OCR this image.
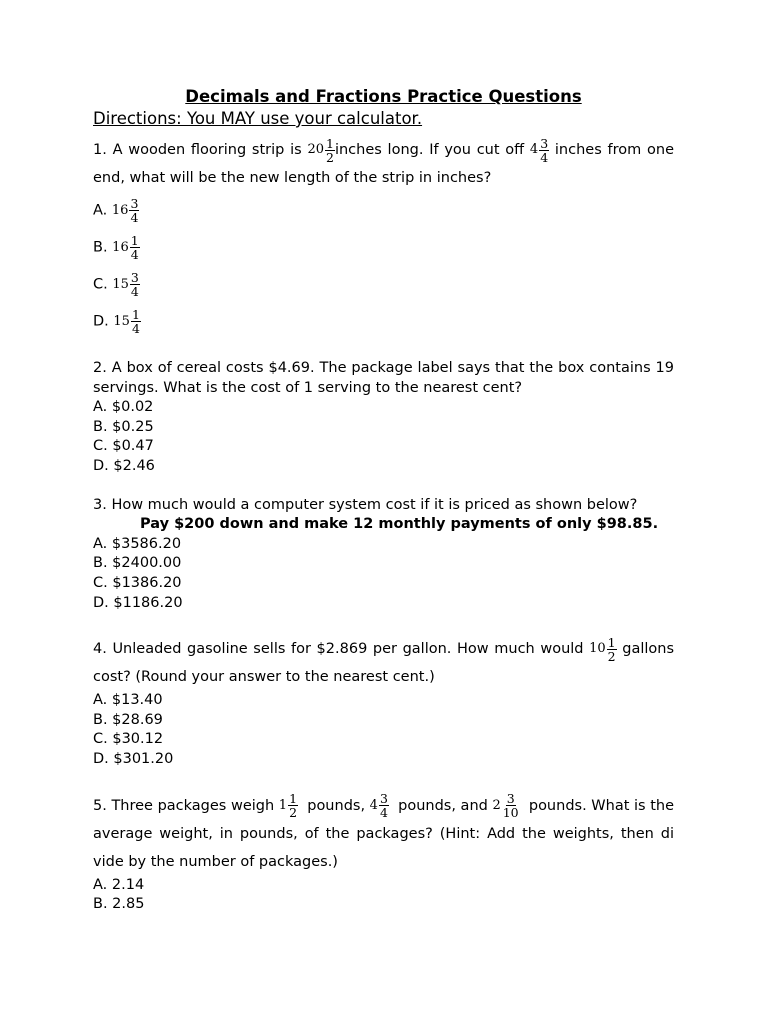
Decimals and Fractions Practice Questions
Directions: You MAY use your calculator.
1. A wooden flooring strip is $20 \frac{1}{2}$ inches long. If you cut off $4 \frac{3}{4}$ inches from one end, what will be the new length of the strip in inches?
A. $16 \frac{3}{4}$
B. $16 \frac{1}{4}$
C. $15 \frac{3}{4}$
D. $15 \frac{1}{4}$
2. A box of cereal costs $4.69. The package label says that the box contains 19 servings. What is the cost of 1 serving to the nearest cent?
A. $0.02
B. $0.25
C. $0.47
D. $2.46
3. How much would a computer system cost if it is priced as shown below?
Pay $200 down and make 12 monthly payments of only $98.85.
A. $3586.20
B. $2400.00
C. $1386.20
D. $1186.20
4. Unleaded gasoline sells for $2.869 per gallon. How much would $10 \frac{1}{2}$ gallons cost? (Round your answer to the nearest cent.)
A. $13.40
B. $28.69
C. $30.12
D. $301.20
5. Three packages weigh $1 \frac{1}{2}$ pounds, $4 \frac{3}{4}$ pounds, and $2 \frac{3}{10}$ pounds. What is the average weight, in pounds, of the packages? (Hint: Add the weights, then di vide by the number of packages.)
A. 2.14
B. 2.85
